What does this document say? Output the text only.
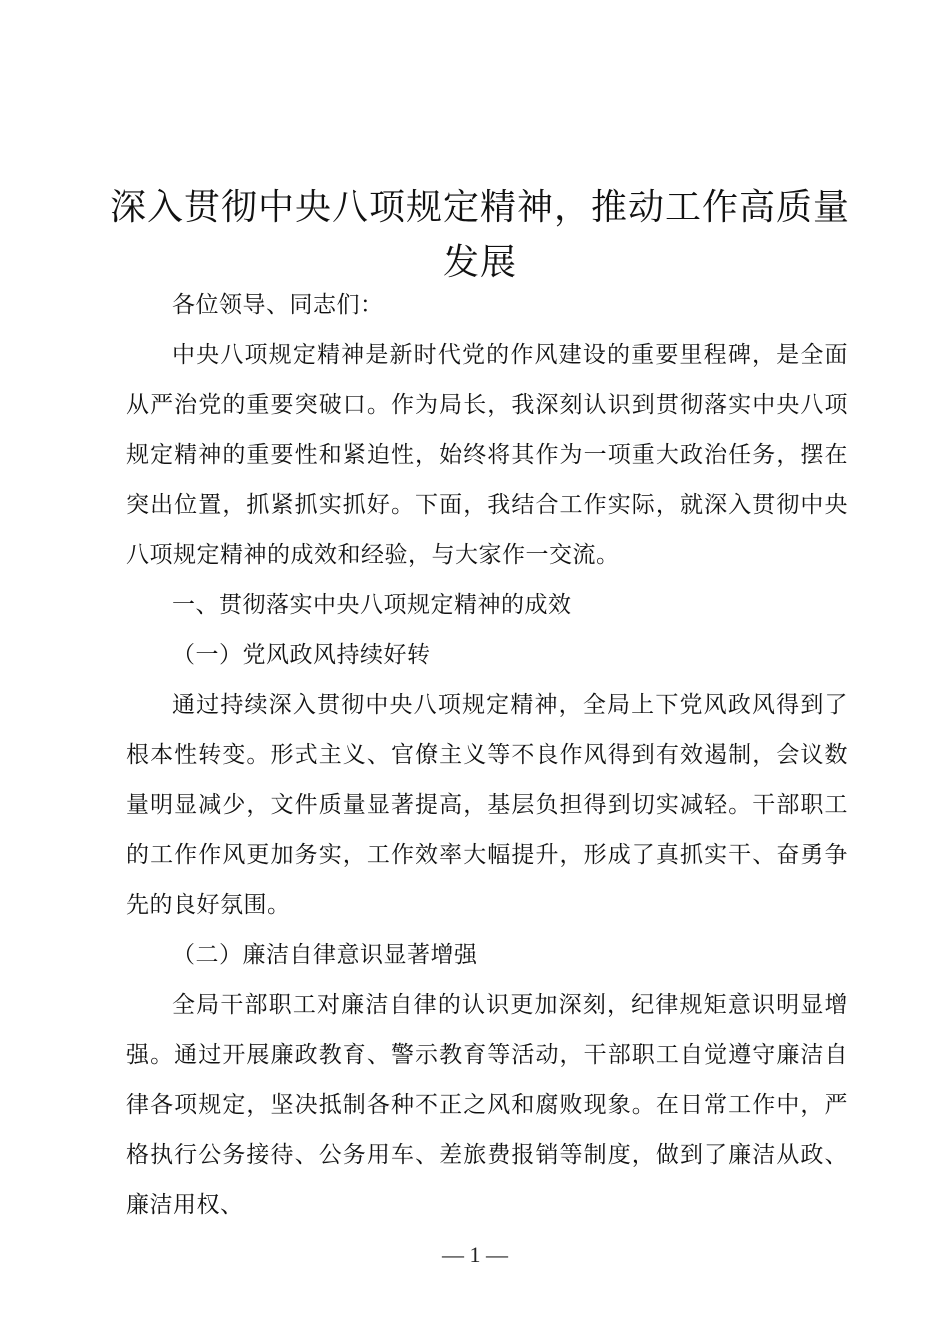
深入贯彻中央八项规定精神，推动工作高质量发展

各位领导、同志们：

中央八项规定精神是新时代党的作风建设的重要里程碑，是全面从严治党的重要突破口。作为局长，我深刻认识到贯彻落实中央八项规定精神的重要性和紧迫性，始终将其作为一项重大政治任务，摆在突出位置，抓紧抓实抓好。下面，我结合工作实际，就深入贯彻中央八项规定精神的成效和经验，与大家作一交流。

一、贯彻落实中央八项规定精神的成效

（一）党风政风持续好转

通过持续深入贯彻中央八项规定精神，全局上下党风政风得到了根本性转变。形式主义、官僚主义等不良作风得到有效遏制，会议数量明显减少，文件质量显著提高，基层负担得到切实减轻。干部职工的工作作风更加务实，工作效率大幅提升，形成了真抓实干、奋勇争先的良好氛围。

（二）廉洁自律意识显著增强

全局干部职工对廉洁自律的认识更加深刻，纪律规矩意识明显增强。通过开展廉政教育、警示教育等活动，干部职工自觉遵守廉洁自律各项规定，坚决抵制各种不正之风和腐败现象。在日常工作中，严格执行公务接待、公务用车、差旅费报销等制度，做到了廉洁从政、廉洁用权、

— 1 —
